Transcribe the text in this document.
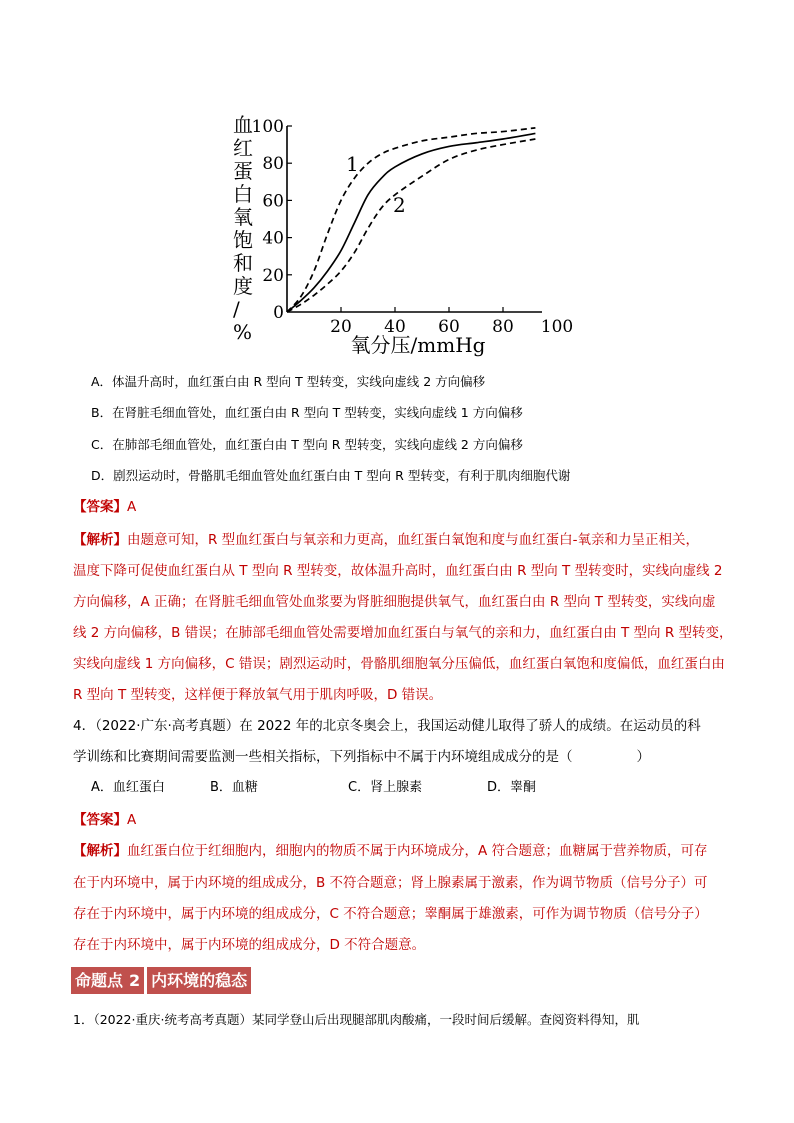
0
20
40
60
80
100
20 40 60 80 100
血红蛋白氧饱和度/ %
氧分压/mmHg
1
2
A．体温升高时，血红蛋白由 R 型向 T 型转变，实线向虚线 2 方向偏移
B．在肾脏毛细血管处，血红蛋白由 R 型向 T 型转变，实线向虚线 1 方向偏移
C．在肺部毛细血管处，血红蛋白由 T 型向 R 型转变，实线向虚线 2 方向偏移
D．剧烈运动时，骨骼肌毛细血管处血红蛋白由 T 型向 R 型转变，有利于肌肉细胞代谢
【答案】A
【解析】由题意可知，R 型血红蛋白与氧亲和力更高，血红蛋白氧饱和度与血红蛋白-氧亲和力呈正相关，
温度下降可促使血红蛋白从 T 型向 R 型转变，故体温升高时，血红蛋白由 R 型向 T 型转变时，实线向虚线 2
方向偏移，A 正确；在肾脏毛细血管处血浆要为肾脏细胞提供氧气，血红蛋白由 R 型向 T 型转变，实线向虚
线 2 方向偏移，B 错误；在肺部毛细血管处需要增加血红蛋白与氧气的亲和力，血红蛋白由 T 型向 R 型转变，
实线向虚线 1 方向偏移，C 错误；剧烈运动时，骨骼肌细胞氧分压偏低，血红蛋白氧饱和度偏低，血红蛋白由
R 型向 T 型转变，这样便于释放氧气用于肌肉呼吸，D 错误。
4．（2022·广东·高考真题）在 2022 年的北京冬奥会上，我国运动健儿取得了骄人的成绩。在运动员的科
学训练和比赛期间需要监测一些相关指标，下列指标中不属于内环境组成成分的是（	）
A．血红蛋白	B．血糖	C．肾上腺素	D．睾酮
【答案】A
【解析】血红蛋白位于红细胞内，细胞内的物质不属于内环境成分，A 符合题意；血糖属于营养物质，可存
在于内环境中，属于内环境的组成成分，B 不符合题意；肾上腺素属于激素，作为调节物质（信号分子）可
存在于内环境中，属于内环境的组成成分，C 不符合题意；睾酮属于雄激素，可作为调节物质（信号分子）
存在于内环境中，属于内环境的组成成分，D 不符合题意。
命题点 2 内环境的稳态
1．（2022·重庆·统考高考真题）某同学登山后出现腿部肌肉酸痛，一段时间后缓解。查阅资料得知，肌
